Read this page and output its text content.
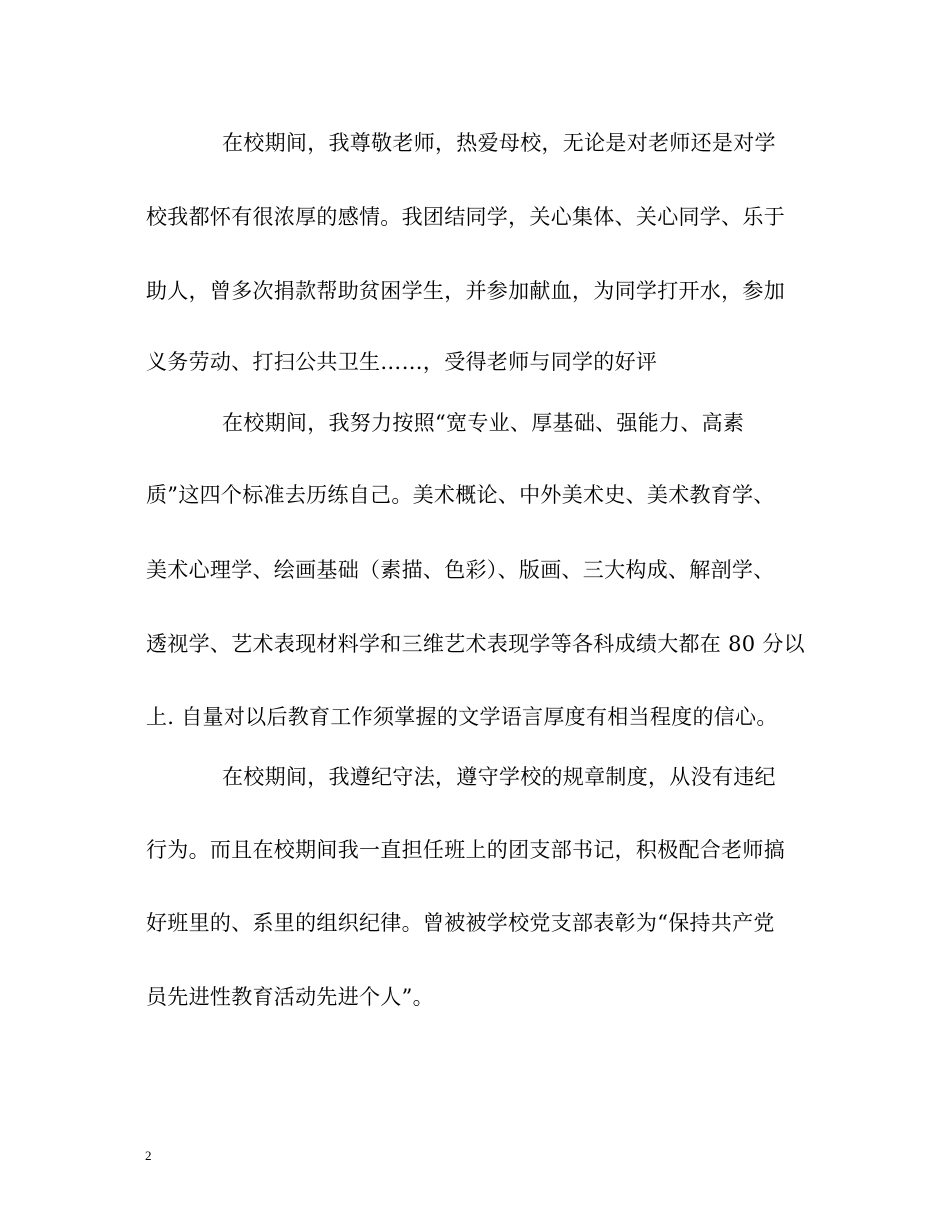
在校期间，我尊敬老师，热爱母校，无论是对老师还是对学
校我都怀有很浓厚的感情。我团结同学，关心集体、关心同学、乐于
助人，曾多次捐款帮助贫困学生，并参加献血，为同学打开水，参加
义务劳动、打扫公共卫生……，受得老师与同学的好评
在校期间，我努力按照“宽专业、厚基础、强能力、高素
质”这四个标准去历练自己。美术概论、中外美术史、美术教育学、
美术心理学、绘画基础（素描、色彩）、版画、三大构成、解剖学、
透视学、艺术表现材料学和三维艺术表现学等各科成绩大都在 80 分以
上. 自量对以后教育工作须掌握的文学语言厚度有相当程度的信心。
在校期间，我遵纪守法，遵守学校的规章制度，从没有违纪
行为。而且在校期间我一直担任班上的团支部书记，积极配合老师搞
好班里的、系里的组织纪律。曾被被学校党支部表彰为“保持共产党
员先进性教育活动先进个人”。
2
